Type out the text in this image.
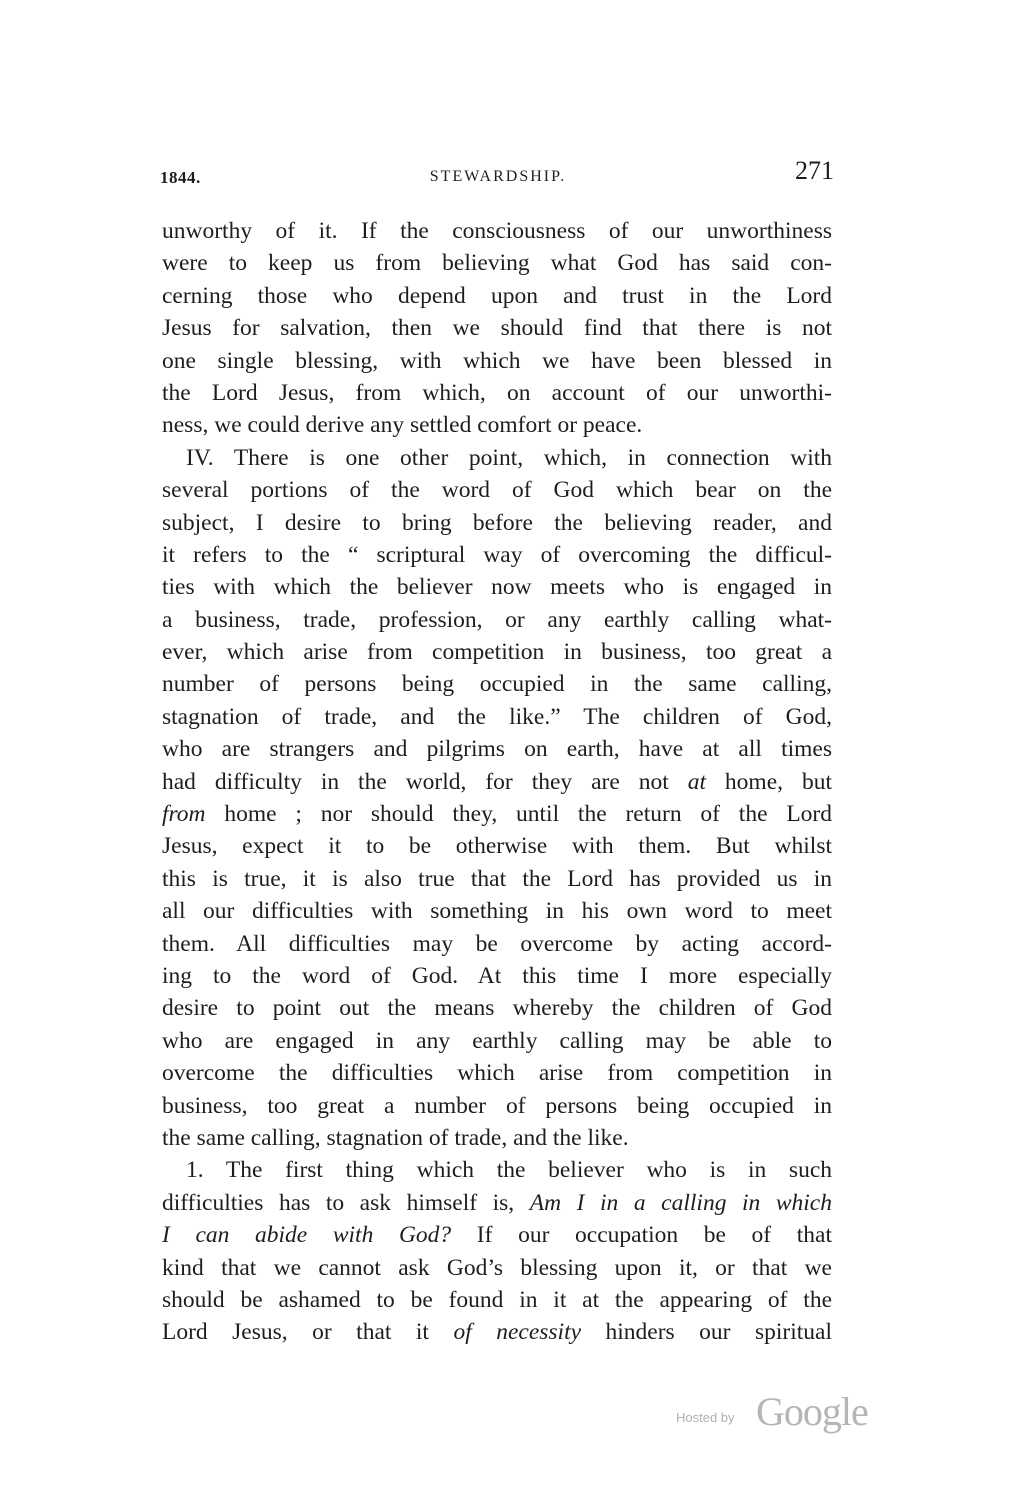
1844.	STEWARDSHIP.	271
unworthy of it. If the consciousness of our unworthiness
were to keep us from believing what God has said con-
cerning those who depend upon and trust in the Lord
Jesus for salvation, then we should find that there is not
one single blessing, with which we have been blessed in
the Lord Jesus, from which, on account of our unworthi-
ness, we could derive any settled comfort or peace.
IV. There is one other point, which, in connection with
several portions of the word of God which bear on the
subject, I desire to bring before the believing reader, and
it refers to the “ scriptural way of overcoming the difficul-
ties with which the believer now meets who is engaged in
a business, trade, profession, or any earthly calling what-
ever, which arise from competition in business, too great a
number of persons being occupied in the same calling,
stagnation of trade, and the like.” The children of God,
who are strangers and pilgrims on earth, have at all times
had difficulty in the world, for they are not at home, but
from home ; nor should they, until the return of the Lord
Jesus, expect it to be otherwise with them. But whilst
this is true, it is also true that the Lord has provided us in
all our difficulties with something in his own word to meet
them. All difficulties may be overcome by acting accord-
ing to the word of God. At this time I more especially
desire to point out the means whereby the children of God
who are engaged in any earthly calling may be able to
overcome the difficulties which arise from competition in
business, too great a number of persons being occupied in
the same calling, stagnation of trade, and the like.
1. The first thing which the believer who is in such
difficulties has to ask himself is, Am I in a calling in which
I can abide with God? If our occupation be of that
kind that we cannot ask God’s blessing upon it, or that we
should be ashamed to be found in it at the appearing of the
Lord Jesus, or that it of necessity hinders our spiritual
Hosted by Google
